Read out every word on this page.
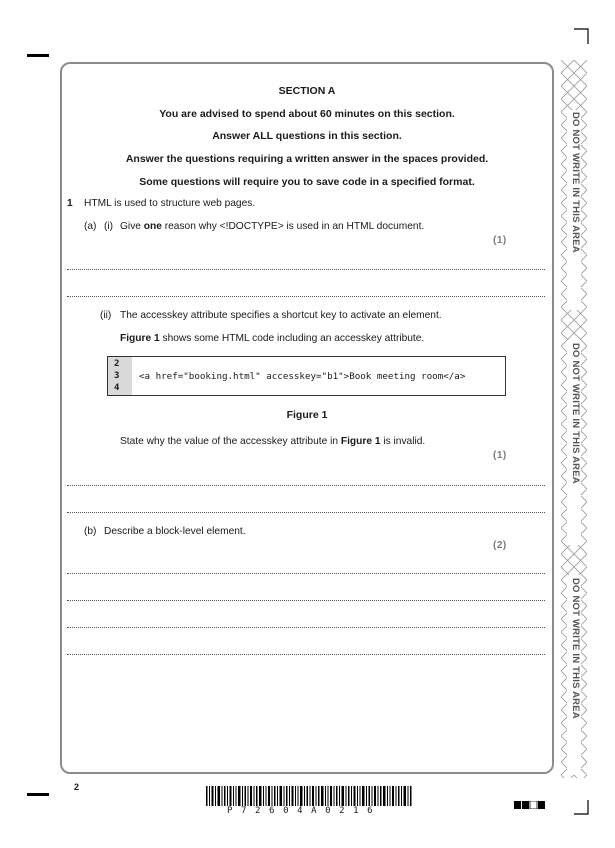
SECTION A
You are advised to spend about 60 minutes on this section.
Answer ALL questions in this section.
Answer the questions requiring a written answer in the spaces provided.
Some questions will require you to save code in a specified format.
1 HTML is used to structure web pages.
(a) (i) Give one reason why <!DOCTYPE> is used in an HTML document.
(1)
(ii) The accesskey attribute specifies a shortcut key to activate an element.
Figure 1 shows some HTML code including an accesskey attribute.
2
3
4
<a href="booking.html" accesskey="b1">Book meeting room</a>
Figure 1
State why the value of the accesskey attribute in Figure 1 is invalid.
(1)
(b) Describe a block-level element.
(2)
DO NOT WRITE IN THIS AREA
DO NOT WRITE IN THIS AREA
DO NOT WRITE IN THIS AREA
2
P72604A0216
